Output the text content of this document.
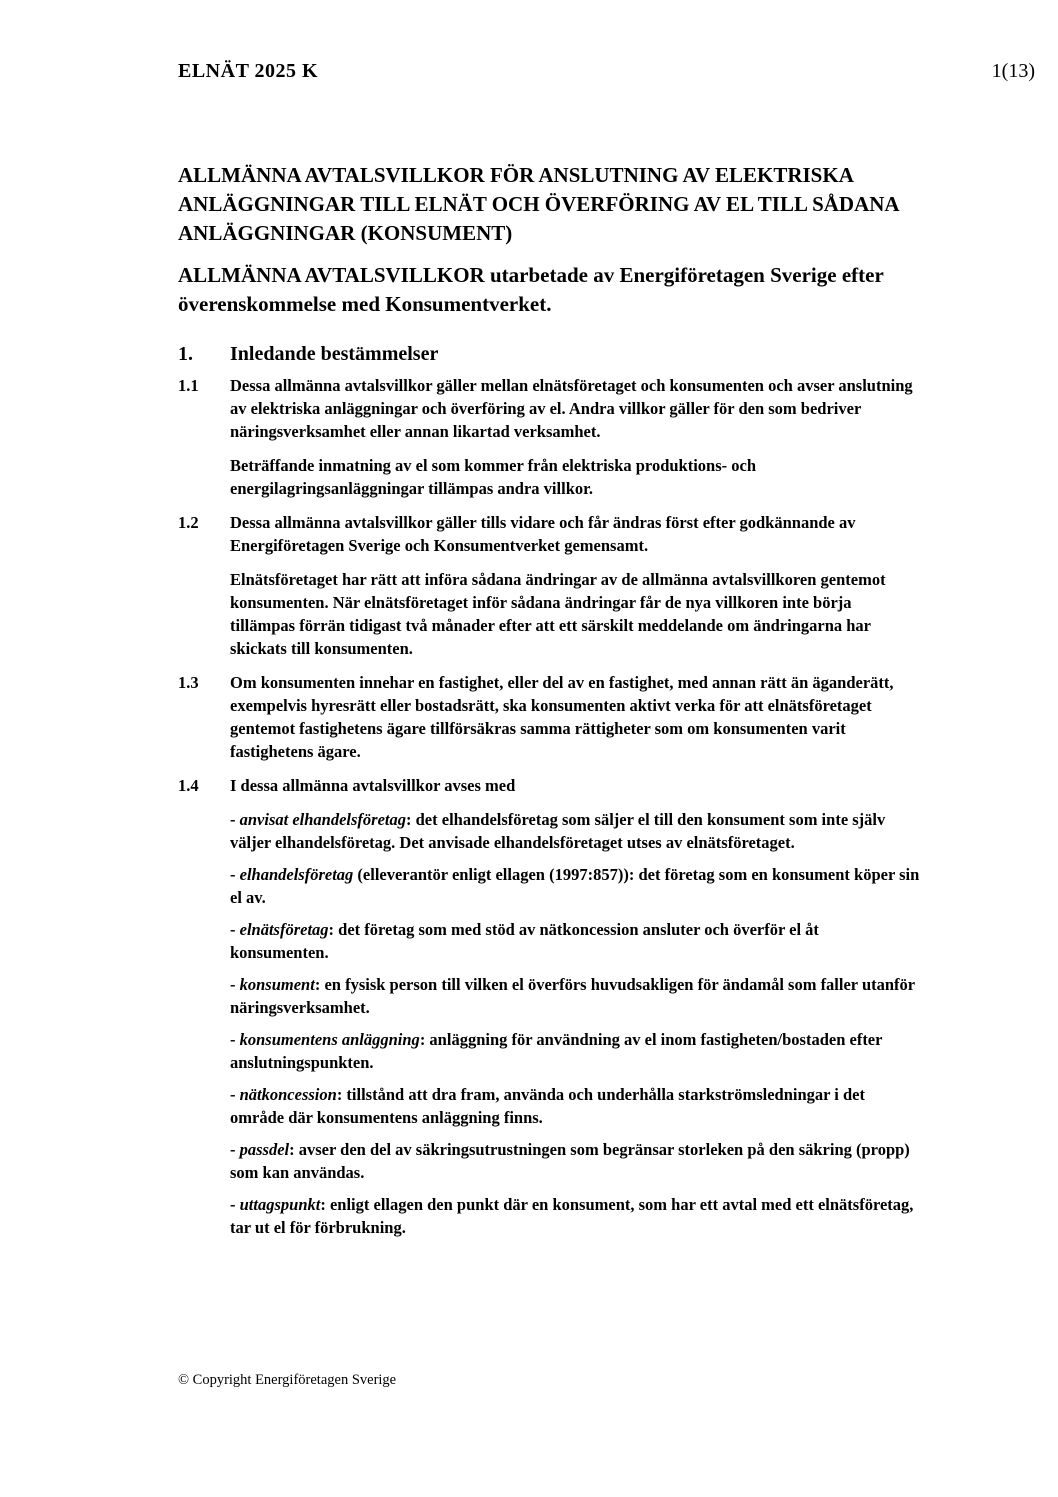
ELNÄT 2025 K	1(13)
ALLMÄNNA AVTALSVILLKOR FÖR ANSLUTNING AV ELEKTRISKA ANLÄGGNINGAR TILL ELNÄT OCH ÖVERFÖRING AV EL TILL SÅDANA ANLÄGGNINGAR (KONSUMENT)

ALLMÄNNA AVTALSVILLKOR utarbetade av Energiföretagen Sverige efter överenskommelse med Konsumentverket.

1.	Inledande bestämmelser
1.1	Dessa allmänna avtalsvillkor gäller mellan elnätsföretaget och konsumenten och avser anslutning av elektriska anläggningar och överföring av el. Andra villkor gäller för den som bedriver näringsverksamhet eller annan likartad verksamhet.

Beträffande inmatning av el som kommer från elektriska produktions- och energilagringsanläggningar tillämpas andra villkor.

1.2	Dessa allmänna avtalsvillkor gäller tills vidare och får ändras först efter godkännande av Energiföretagen Sverige och Konsumentverket gemensamt.

Elnätsföretaget har rätt att införa sådana ändringar av de allmänna avtalsvillkoren gentemot konsumenten. När elnätsföretaget inför sådana ändringar får de nya villkoren inte börja tillämpas förrän tidigast två månader efter att ett särskilt meddelande om ändringarna har skickats till konsumenten.

1.3	Om konsumenten innehar en fastighet, eller del av en fastighet, med annan rätt än äganderätt, exempelvis hyresrätt eller bostadsrätt, ska konsumenten aktivt verka för att elnätsföretaget gentemot fastighetens ägare tillförsäkras samma rättigheter som om konsumenten varit fastighetens ägare.

1.4	I dessa allmänna avtalsvillkor avses med

- anvisat elhandelsföretag: det elhandelsföretag som säljer el till den konsument som inte själv väljer elhandelsföretag. Det anvisade elhandelsföretaget utses av elnätsföretaget.

- elhandelsföretag (elleverantör enligt ellagen (1997:857)): det företag som en konsument köper sin el av.

- elnätsföretag: det företag som med stöd av nätkoncession ansluter och överför el åt konsumenten.

- konsument: en fysisk person till vilken el överförs huvudsakligen för ändamål som faller utanför näringsverksamhet.

- konsumentens anläggning: anläggning för användning av el inom fastigheten/bostaden efter anslutningspunkten.

- nätkoncession: tillstånd att dra fram, använda och underhålla starkströmsledningar i det område där konsumentens anläggning finns.

- passdel: avser den del av säkringsutrustningen som begränsar storleken på den säkring (propp) som kan användas.

- uttagspunkt: enligt ellagen den punkt där en konsument, som har ett avtal med ett elnätsföretag, tar ut el för förbrukning.

© Copyright Energiföretagen Sverige
